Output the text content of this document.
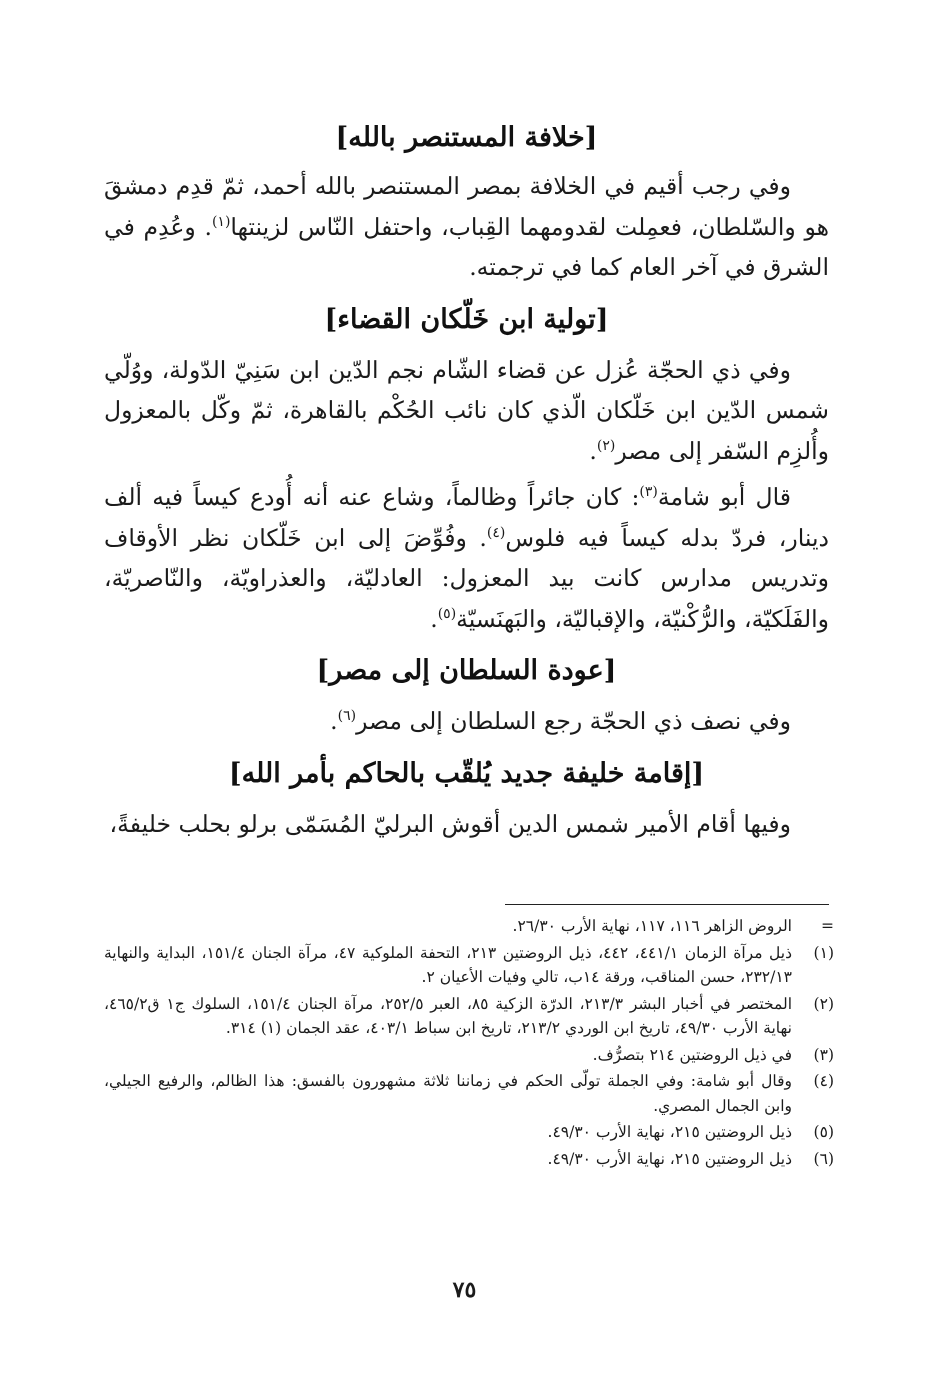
[خلافة المستنصر بالله]

وفي رجب أقيم في الخلافة بمصر المستنصر بالله أحمد، ثمّ قدِم دمشقَ هو والسّلطان، فعمِلت لقدومهما القِباب، واحتفل النّاس لزينتها$^{(١)}$. وعُدِم في الشرق في آخر العام كما في ترجمته.

[تولية ابن خَلّكان القضاء]

وفي ذي الحجّة عُزل عن قضاء الشّام نجم الدّين ابن سَنِيّ الدّولة، ووُلّي شمس الدّين ابن خَلّكان الّذي كان نائب الحُكْم بالقاهرة، ثمّ وكّل بالمعزول وأُلزِم السّفر إلى مصر$^{(٢)}$.

قال أبو شامة$^{(٣)}$: كان جائراً وظالماً، وشاع عنه أنه أُودع كيساً فيه ألف دينار، فردّ بدله كيساً فيه فلوس$^{(٤)}$. وفُوِّضَ إلى ابن خَلّكان نظر الأوقاف وتدريس مدارس كانت بيد المعزول: العادليّة، والعذراويّة، والنّاصريّة، والفَلَكيّة، والرُّكْنيّة، والإقباليّة، والبَهنَسيّة$^{(٥)}$.

[عودة السلطان إلى مصر]

وفي نصف ذي الحجّة رجع السلطان إلى مصر$^{(٦)}$.

[إقامة خليفة جديد يُلقّب بالحاكم بأمر الله]

وفيها أقام الأمير شمس الدين أقوش البرليّ المُسَمّى برلو بحلب خليفةً،

=
الروض الزاهر ١١٦، ١١٧، نهاية الأرب ٢٦/٣٠.
(١)
ذيل مرآة الزمان ٤٤١/١، ٤٤٢، ذيل الروضتين ٢١٣، التحفة الملوكية ٤٧، مرآة الجنان ١٥١/٤، البداية والنهاية ٢٣٢/١٣، حسن المناقب، ورقة ١٤ب، تالي وفيات الأعيان ٢.
(٢)
المختصر في أخبار البشر ٢١٣/٣، الدرّة الزكية ٨٥، العبر ٢٥٢/٥، مرآة الجنان ١٥١/٤، السلوك ج١ ق٤٦٥/٢، نهاية الأرب ٤٩/٣٠، تاريخ ابن الوردي ٢١٣/٢، تاريخ ابن سباط ٤٠٣/١، عقد الجمان (١) ٣١٤.
(٣)
في ذيل الروضتين ٢١٤ بتصرُّف.
(٤)
وقال أبو شامة: وفي الجملة تولّى الحكم في زماننا ثلاثة مشهورون بالفسق: هذا الظالم، والرفيع الجيلي، وابن الجمال المصري.
(٥)
ذيل الروضتين ٢١٥، نهاية الأرب ٤٩/٣٠.
(٦)
ذيل الروضتين ٢١٥، نهاية الأرب ٤٩/٣٠.
٧٥
